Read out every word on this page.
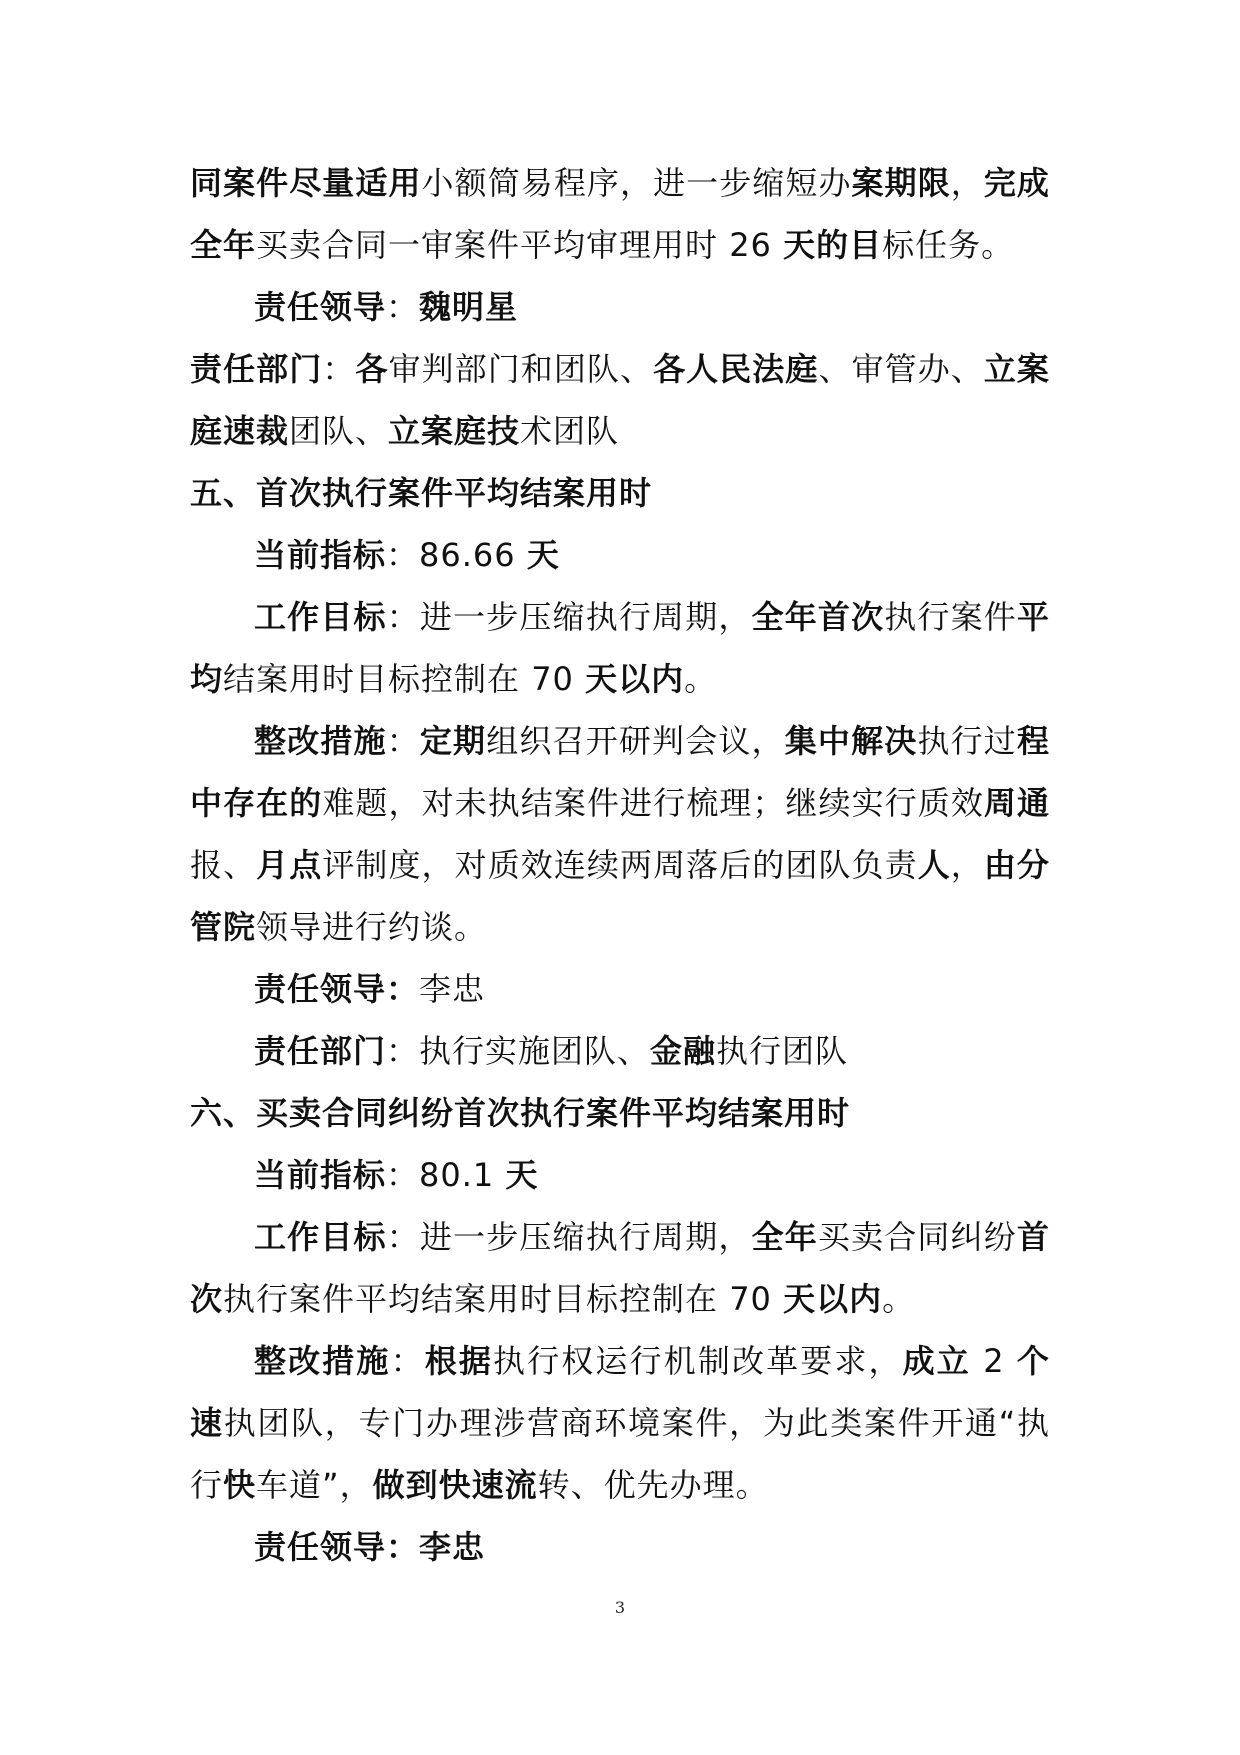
同案件尽量适用小额简易程序，进一步缩短办案期限，完成全年买卖合同一审案件平均审理用时 26 天的目标任务。

责任领导：魏明星

责任部门：各审判部门和团队、各人民法庭、审管办、立案庭速裁团队、立案庭技术团队

五、首次执行案件平均结案用时

当前指标：86.66 天

工作目标：进一步压缩执行周期，全年首次执行案件平均结案用时目标控制在 70 天以内。

整改措施：定期组织召开研判会议，集中解决执行过程中存在的难题，对未执结案件进行梳理；继续实行质效周通报、月点评制度，对质效连续两周落后的团队负责人，由分管院领导进行约谈。

责任领导：李忠

责任部门：执行实施团队、金融执行团队

六、买卖合同纠纷首次执行案件平均结案用时

当前指标：80.1 天

工作目标：进一步压缩执行周期，全年买卖合同纠纷首次执行案件平均结案用时目标控制在 70 天以内。

整改措施：根据执行权运行机制改革要求，成立 2 个速执团队，专门办理涉营商环境案件，为此类案件开通“执行快车道”，做到快速流转、优先办理。

责任领导：李忠

3
